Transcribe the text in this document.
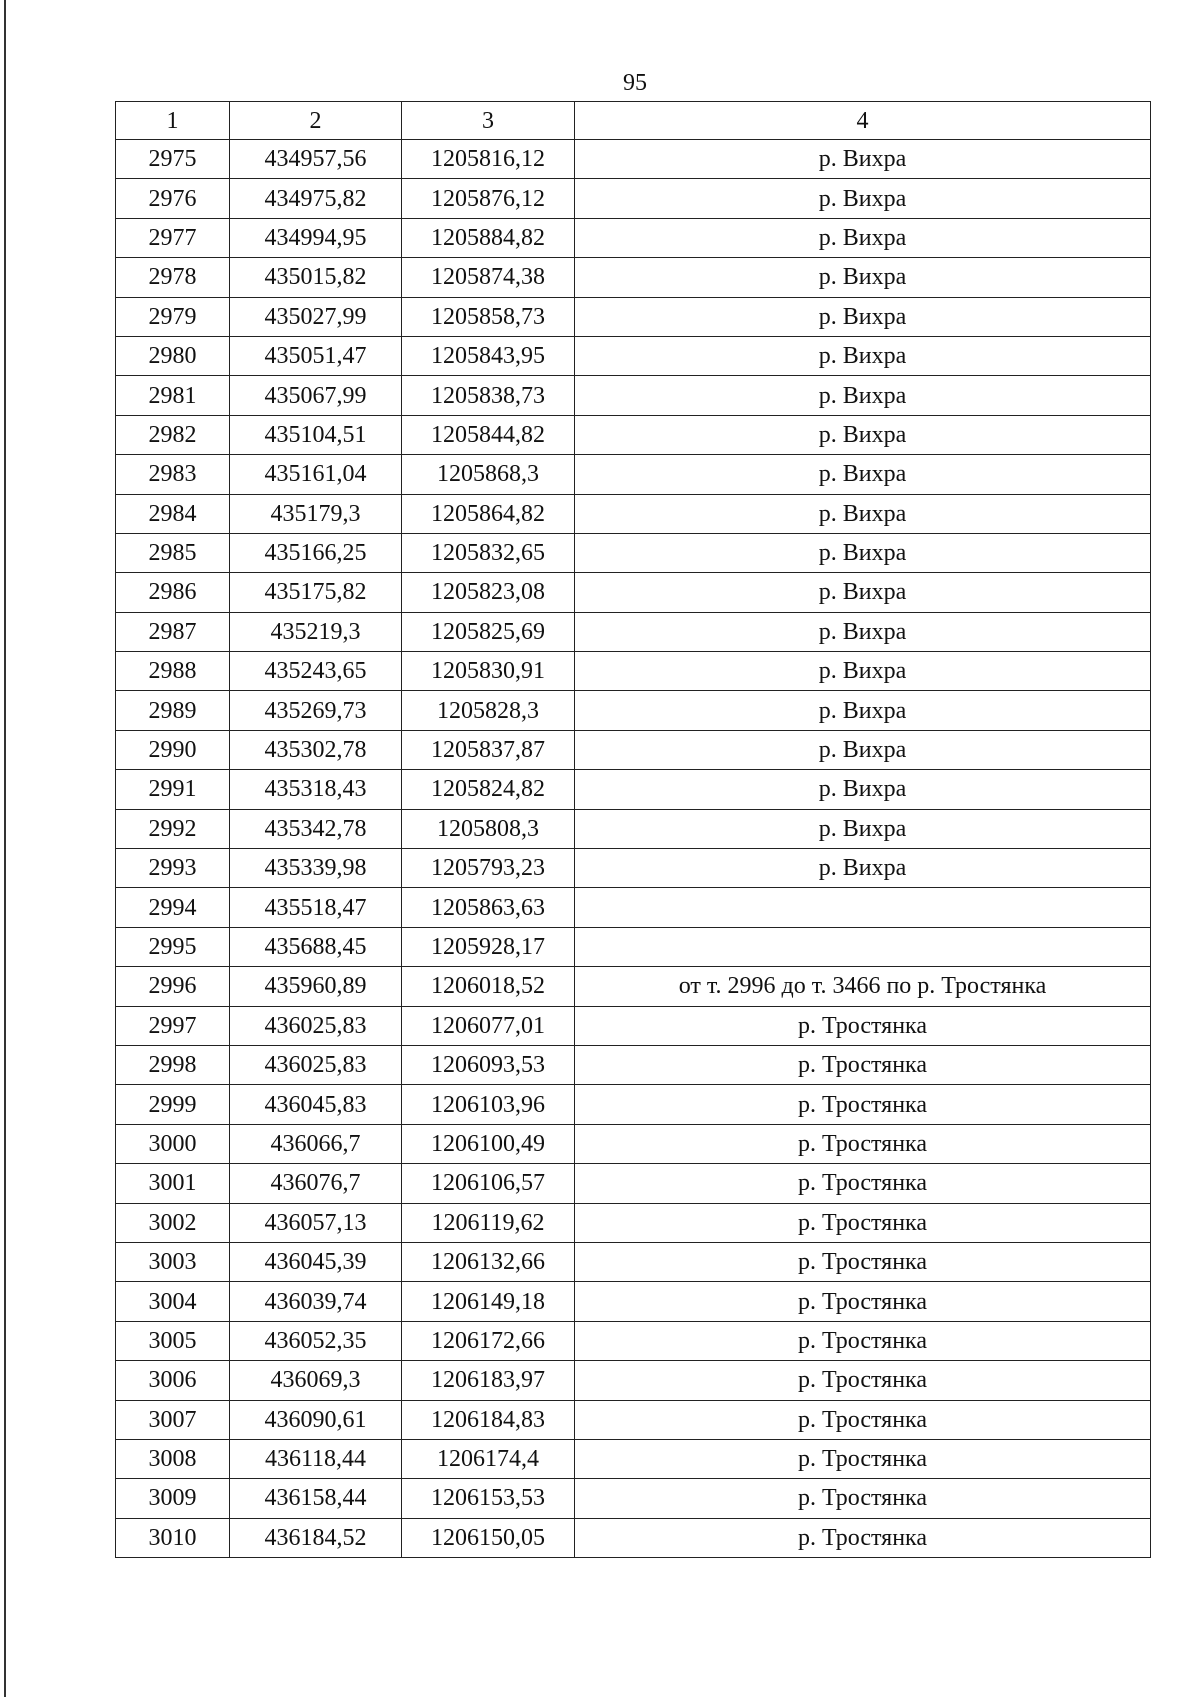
95
1	2	3	4
2975	434957,56	1205816,12	р. Вихра
2976	434975,82	1205876,12	р. Вихра
2977	434994,95	1205884,82	р. Вихра
2978	435015,82	1205874,38	р. Вихра
2979	435027,99	1205858,73	р. Вихра
2980	435051,47	1205843,95	р. Вихра
2981	435067,99	1205838,73	р. Вихра
2982	435104,51	1205844,82	р. Вихра
2983	435161,04	1205868,3	р. Вихра
2984	435179,3	1205864,82	р. Вихра
2985	435166,25	1205832,65	р. Вихра
2986	435175,82	1205823,08	р. Вихра
2987	435219,3	1205825,69	р. Вихра
2988	435243,65	1205830,91	р. Вихра
2989	435269,73	1205828,3	р. Вихра
2990	435302,78	1205837,87	р. Вихра
2991	435318,43	1205824,82	р. Вихра
2992	435342,78	1205808,3	р. Вихра
2993	435339,98	1205793,23	р. Вихра
2994	435518,47	1205863,63	
2995	435688,45	1205928,17	
2996	435960,89	1206018,52	от т. 2996 до т. 3466 по р. Тростянка
2997	436025,83	1206077,01	р. Тростянка
2998	436025,83	1206093,53	р. Тростянка
2999	436045,83	1206103,96	р. Тростянка
3000	436066,7	1206100,49	р. Тростянка
3001	436076,7	1206106,57	р. Тростянка
3002	436057,13	1206119,62	р. Тростянка
3003	436045,39	1206132,66	р. Тростянка
3004	436039,74	1206149,18	р. Тростянка
3005	436052,35	1206172,66	р. Тростянка
3006	436069,3	1206183,97	р. Тростянка
3007	436090,61	1206184,83	р. Тростянка
3008	436118,44	1206174,4	р. Тростянка
3009	436158,44	1206153,53	р. Тростянка
3010	436184,52	1206150,05	р. Тростянка
